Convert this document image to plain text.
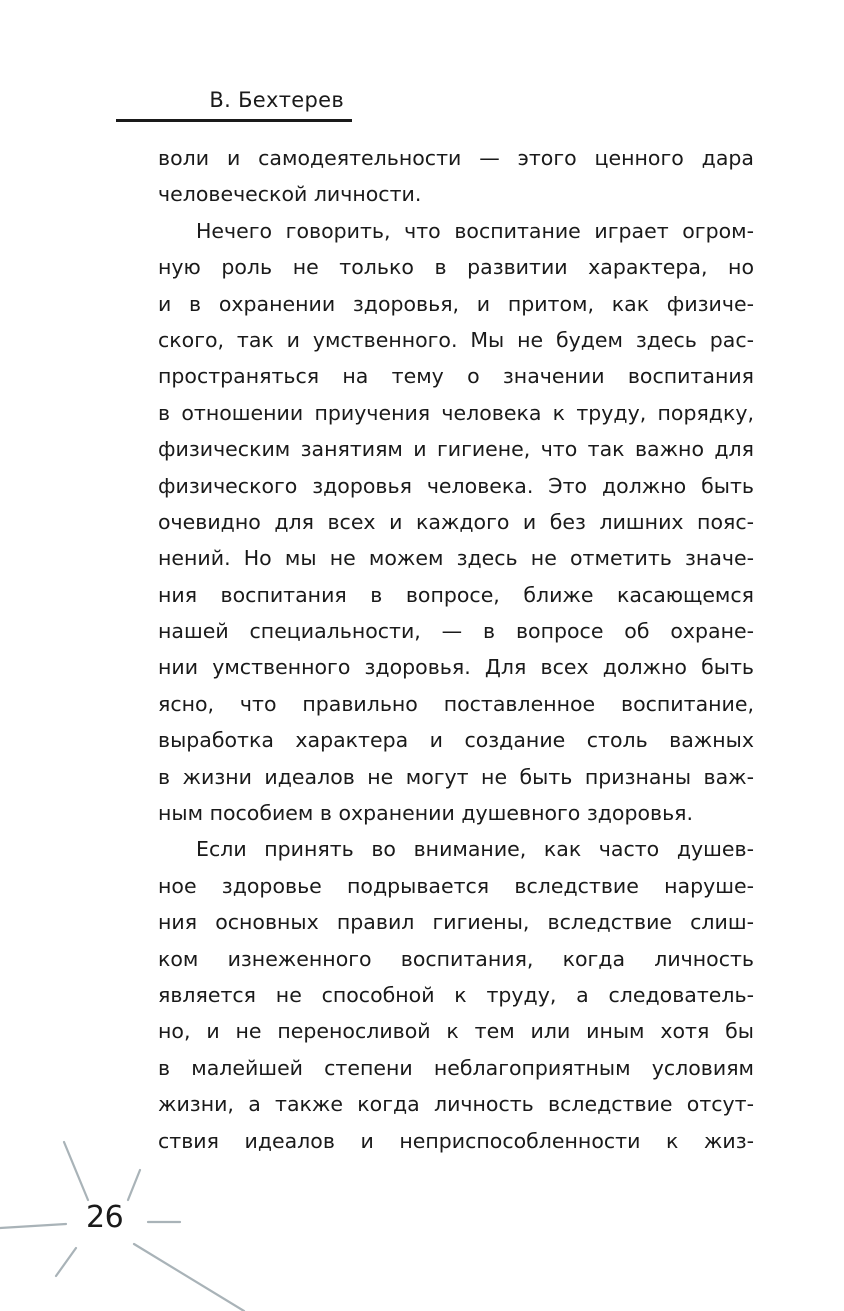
В. Бехтерев
воли и самодеятельности — этого ценного дара
человеческой личности.
Нечего говорить, что воспитание играет огром-
ную роль не только в развитии характера, но
и в охранении здоровья, и притом, как физиче-
ского, так и умственного. Мы не будем здесь рас-
пространяться на тему о значении воспитания
в отношении приучения человека к труду, порядку,
физическим занятиям и гигиене, что так важно для
физического здоровья человека. Это должно быть
очевидно для всех и каждого и без лишних пояс-
нений. Но мы не можем здесь не отметить значе-
ния воспитания в вопросе, ближе касающемся
нашей специальности, — в вопросе об охране-
нии умственного здоровья. Для всех должно быть
ясно, что правильно поставленное воспитание,
выработка характера и создание столь важных
в жизни идеалов не могут не быть признаны важ-
ным пособием в охранении душевного здоровья.
Если принять во внимание, как часто душев-
ное здоровье подрывается вследствие наруше-
ния основных правил гигиены, вследствие слиш-
ком изнеженного воспитания, когда личность
является не способной к труду, а следователь-
но, и не переносливой к тем или иным хотя бы
в малейшей степени неблагоприятным условиям
жизни, а также когда личность вследствие отсут-
ствия идеалов и неприспособленности к жиз-
26
